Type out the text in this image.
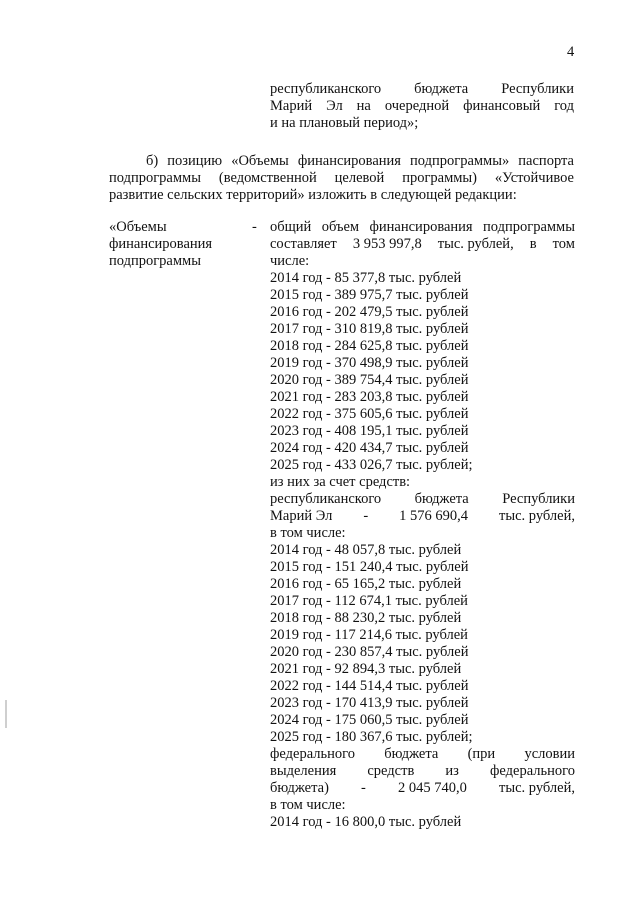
4
республиканского бюджета Республики
Марий Эл на очередной финансовый год
и на плановый период»;
б) позицию «Объемы финансирования подпрограммы» паспорта
подпрограммы (ведомственной целевой программы) «Устойчивое
развитие сельских территорий» изложить в следующей редакции:
«Объемы
финансирования
подпрограммы
- общий объем финансирования подпрограммы
составляет 3 953 997,8 тыс. рублей, в том
числе:
2014 год - 85 377,8 тыс. рублей
2015 год - 389 975,7 тыс. рублей
2016 год - 202 479,5 тыс. рублей
2017 год - 310 819,8 тыс. рублей
2018 год - 284 625,8 тыс. рублей
2019 год - 370 498,9 тыс. рублей
2020 год - 389 754,4 тыс. рублей
2021 год - 283 203,8 тыс. рублей
2022 год - 375 605,6 тыс. рублей
2023 год - 408 195,1 тыс. рублей
2024 год - 420 434,7 тыс. рублей
2025 год - 433 026,7 тыс. рублей;
из них за счет средств:
республиканского бюджета Республики
Марий Эл - 1 576 690,4 тыс. рублей,
в том числе:
2014 год - 48 057,8 тыс. рублей
2015 год - 151 240,4 тыс. рублей
2016 год - 65 165,2 тыс. рублей
2017 год - 112 674,1 тыс. рублей
2018 год - 88 230,2 тыс. рублей
2019 год - 117 214,6 тыс. рублей
2020 год - 230 857,4 тыс. рублей
2021 год - 92 894,3 тыс. рублей
2022 год - 144 514,4 тыс. рублей
2023 год - 170 413,9 тыс. рублей
2024 год - 175 060,5 тыс. рублей
2025 год - 180 367,6 тыс. рублей;
федерального бюджета (при условии
выделения средств из федерального
бюджета) - 2 045 740,0 тыс. рублей,
в том числе:
2014 год - 16 800,0 тыс. рублей
